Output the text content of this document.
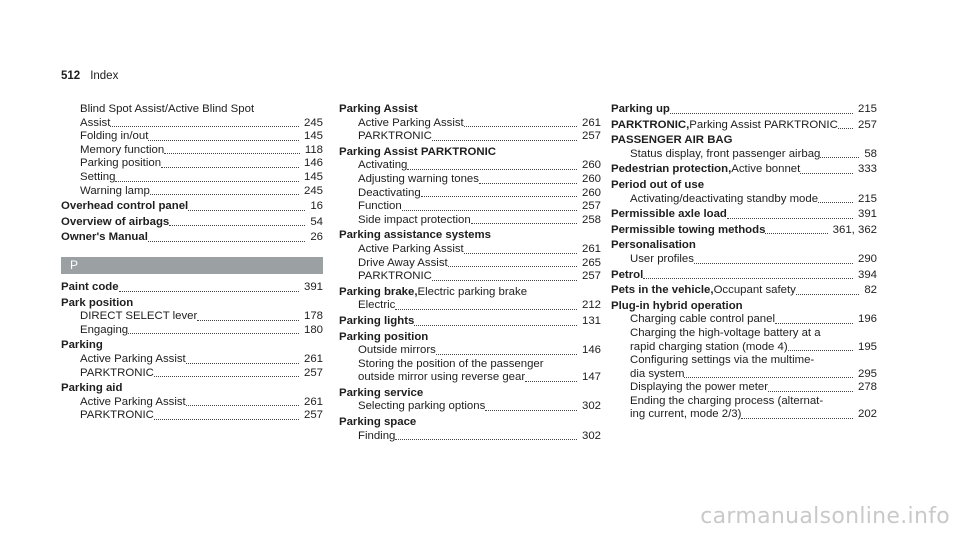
512 Index
Blind Spot Assist/Active Blind Spot
Assist	245
Folding in/out	145
Memory function	118
Parking position	146
Setting	145
Warning lamp	245
Overhead control panel	16
Overview of airbags	54
Owner's Manual	26
P
Paint code	391
Park position
DIRECT SELECT lever	178
Engaging	180
Parking
Active Parking Assist	261
PARKTRONIC	257
Parking aid
Active Parking Assist	261
PARKTRONIC	257
Parking Assist
Active Parking Assist	261
PARKTRONIC	257
Parking Assist PARKTRONIC
Activating	260
Adjusting warning tones	260
Deactivating	260
Function	257
Side impact protection	258
Parking assistance systems
Active Parking Assist	261
Drive Away Assist	265
PARKTRONIC	257
Parking brake, Electric parking brake
Electric	212
Parking lights	131
Parking position
Outside mirrors	146
Storing the position of the passenger
outside mirror using reverse gear	147
Parking service
Selecting parking options	302
Parking space
Finding	302
Parking up	215
PARKTRONIC, Parking Assist PARKTRONIC 257
PASSENGER AIR BAG
Status display, front passenger airbag	58
Pedestrian protection, Active bonnet	333
Period out of use
Activating/deactivating standby mode	215
Permissible axle load	391
Permissible towing methods	361, 362
Personalisation
User profiles	290
Petrol	394
Pets in the vehicle, Occupant safety	82
Plug-in hybrid operation
Charging cable control panel	196
Charging the high-voltage battery at a
rapid charging station (mode 4)	195
Configuring settings via the multime-
dia system	295
Displaying the power meter	278
Ending the charging process (alternat-
ing current, mode 2/3)	202
carmanualsonline.info
